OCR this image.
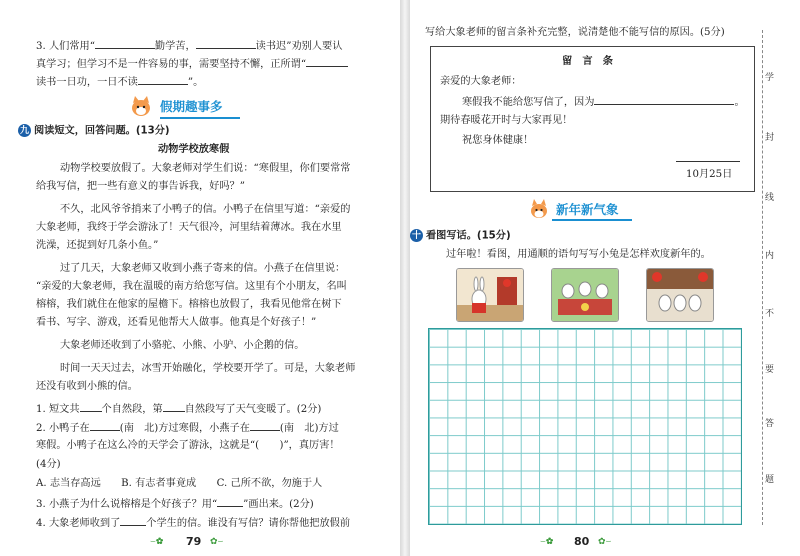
3. 人们常用“	勤学苦，	读书迟”劝别人要认
真学习；但学习不是一件容易的事，需要坚持不懈，正所谓“
读书一日功，一日不读	”。
假期趣事多
九 阅读短文，回答问题。(13分)
动物学校放寒假
动物学校要放假了。大象老师对学生们说：“寒假里，你们要常常
给我写信，把一些有意义的事告诉我，好吗？”
不久，北风爷爷捎来了小鸭子的信。小鸭子在信里写道：“亲爱的
大象老师，我终于学会游泳了！天气很冷，河里结着薄冰。我在水里
洗澡，还捉到好几条小鱼。”
过了几天，大象老师又收到小燕子寄来的信。小燕子在信里说：
“亲爱的大象老师，我在温暖的南方给您写信。这里有个小朋友，名叫
榕榕，我们就住在他家的屋檐下。榕榕也放假了，我看见他常在树下
看书、写字、游戏，还看见他帮大人做事。他真是个好孩子！”
大象老师还收到了小骆驼、小熊、小驴、小企鹅的信。
时间一天天过去，冰雪开始融化，学校要开学了。可是，大象老师
还没有收到小熊的信。
1. 短文共 个自然段，第 自然段写了天气变暖了。(2分)
2. 小鸭子在	(南　北)方过寒假，小燕子在	(南　北)方过
寒假。小鸭子在这么冷的天学会了游泳，这就是“(　　)”，真厉害！
(4分)
A. 志当存高远　　B. 有志者事竟成　　C. 己所不欲，勿施于人
3. 小燕子为什么说榕榕是个好孩子？用“	”画出来。(2分)
4. 大象老师收到了	个学生的信。谁没有写信？请你帮他把放假前
⌣✿ 79 ✿⌣
写给大象老师的留言条补充完整，说清楚他不能写信的原因。(5分)
留　言　条
亲爱的大象老师：
寒假我不能给您写信了，因为	。
期待春暖花开时与大家再见！
祝您身体健康！
10月25日
新年新气象
十 看图写话。(15分)
过年啦！看图，用通顺的语句写写小兔是怎样欢度新年的。
⌣✿ 80 ✿⌣
学
封
线
内
不
要
答
题
